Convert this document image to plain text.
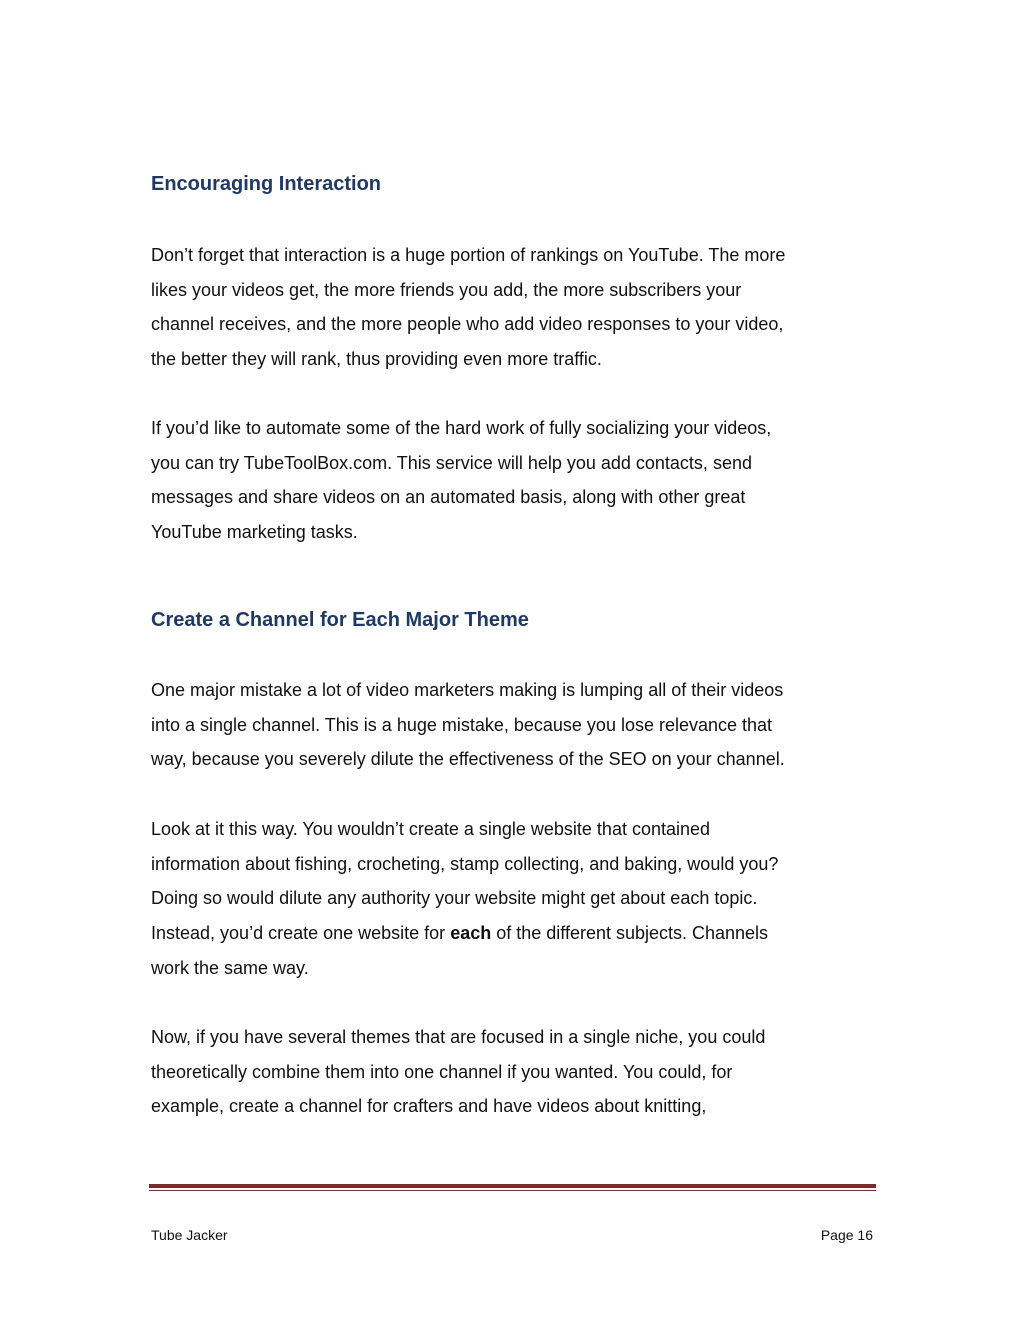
Encouraging Interaction

Don’t forget that interaction is a huge portion of rankings on YouTube. The more
likes your videos get, the more friends you add, the more subscribers your
channel receives, and the more people who add video responses to your video,
the better they will rank, thus providing even more traffic.

If you’d like to automate some of the hard work of fully socializing your videos,
you can try TubeToolBox.com. This service will help you add contacts, send
messages and share videos on an automated basis, along with other great
YouTube marketing tasks.

Create a Channel for Each Major Theme

One major mistake a lot of video marketers making is lumping all of their videos
into a single channel. This is a huge mistake, because you lose relevance that
way, because you severely dilute the effectiveness of the SEO on your channel.

Look at it this way. You wouldn’t create a single website that contained
information about fishing, crocheting, stamp collecting, and baking, would you?
Doing so would dilute any authority your website might get about each topic.
Instead, you’d create one website for each of the different subjects. Channels
work the same way.

Now, if you have several themes that are focused in a single niche, you could
theoretically combine them into one channel if you wanted. You could, for
example, create a channel for crafters and have videos about knitting,

Tube Jacker	Page 16
